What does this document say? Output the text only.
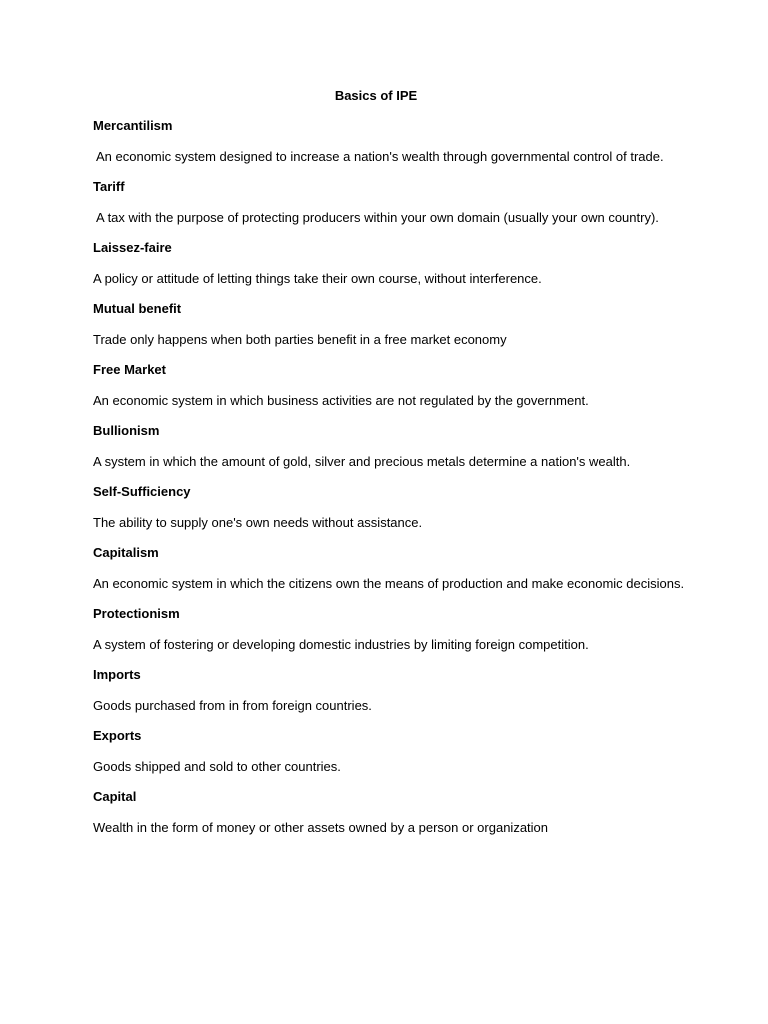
Basics of IPE

Mercantilism

An economic system designed to increase a nation's wealth through governmental control of trade.

Tariff

A tax with the purpose of protecting producers within your own domain (usually your own country).

Laissez-faire

A policy or attitude of letting things take their own course, without interference.

Mutual benefit

Trade only happens when both parties benefit in a free market economy

Free Market

An economic system in which business activities are not regulated by the government.

Bullionism

A system in which the amount of gold, silver and precious metals determine a nation's wealth.

Self-Sufficiency

The ability to supply one's own needs without assistance.

Capitalism

An economic system in which the citizens own the means of production and make economic decisions.

Protectionism

A system of fostering or developing domestic industries by limiting foreign competition.

Imports

Goods purchased from in from foreign countries.

Exports

Goods shipped and sold to other countries.

Capital

Wealth in the form of money or other assets owned by a person or organization
